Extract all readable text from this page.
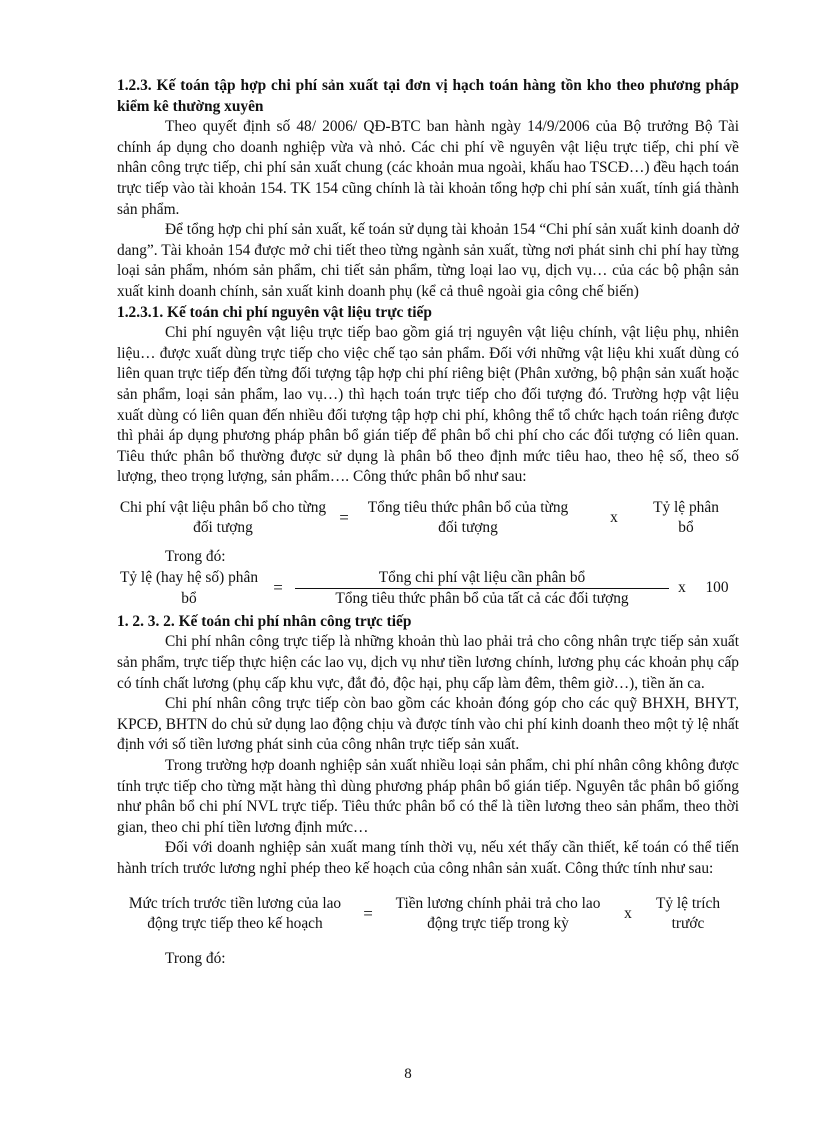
1.2.3. Kế toán tập hợp chi phí sản xuất tại đơn vị hạch toán hàng tồn kho theo phương pháp kiểm kê thường xuyên

Theo quyết định số 48/ 2006/ QĐ-BTC ban hành ngày 14/9/2006 của Bộ trưởng Bộ Tài chính áp dụng cho doanh nghiệp vừa và nhỏ. Các chi phí về nguyên vật liệu trực tiếp, chi phí về nhân công trực tiếp, chi phí sản xuất chung (các khoản mua ngoài, khấu hao TSCĐ…) đều hạch toán trực tiếp vào tài khoản 154. TK 154 cũng chính là tài khoản tổng hợp chi phí sản xuất, tính giá thành sản phẩm.

Để tổng hợp chi phí sản xuất, kế toán sử dụng tài khoản 154 “Chi phí sản xuất kinh doanh dở dang”. Tài khoản 154 được mở chi tiết theo từng ngành sản xuất, từng nơi phát sinh chi phí hay từng loại sản phẩm, nhóm sản phẩm, chi tiết sản phẩm, từng loại lao vụ, dịch vụ… của các bộ phận sản xuất kinh doanh chính, sản xuất kinh doanh phụ (kể cả thuê ngoài gia công chế biến)

1.2.3.1. Kế toán chi phí nguyên vật liệu trực tiếp

Chi phí nguyên vật liệu trực tiếp bao gồm giá trị nguyên vật liệu chính, vật liệu phụ, nhiên liệu… được xuất dùng trực tiếp cho việc chế tạo sản phẩm. Đối với những vật liệu khi xuất dùng có liên quan trực tiếp đến từng đối tượng tập hợp chi phí riêng biệt (Phân xưởng, bộ phận sản xuất hoặc sản phẩm, loại sản phẩm, lao vụ…) thì hạch toán trực tiếp cho đối tượng đó. Trường hợp vật liệu xuất dùng có liên quan đến nhiều đối tượng tập hợp chi phí, không thể tổ chức hạch toán riêng được thì phải áp dụng phương pháp phân bổ gián tiếp để phân bổ chi phí cho các đối tượng có liên quan. Tiêu thức phân bổ thường được sử dụng là phân bổ theo định mức tiêu hao, theo hệ số, theo số lượng, theo trọng lượng, sản phẩm…. Công thức phân bổ như sau:

Chi phí vật liệu phân bổ cho từng đối tượng
=
Tổng tiêu thức phân bổ của từng đối tượng
x
Tỷ lệ phân bổ

Trong đó:

Tỷ lệ (hay hệ số) phân bổ
=
Tổng chi phí vật liệu cần phân bổ
Tổng tiêu thức phân bổ của tất cả các đối tượng
x	100

1. 2. 3. 2. Kế toán chi phí nhân công trực tiếp

Chi phí nhân công trực tiếp là những khoản thù lao phải trả cho công nhân trực tiếp sản xuất sản phẩm, trực tiếp thực hiện các lao vụ, dịch vụ như tiền lương chính, lương phụ các khoản phụ cấp có tính chất lương (phụ cấp khu vực, đắt đỏ, độc hại, phụ cấp làm đêm, thêm giờ…), tiền ăn ca.

Chi phí nhân công trực tiếp còn bao gồm các khoản đóng góp cho các quỹ BHXH, BHYT, KPCĐ, BHTN do chủ sử dụng lao động chịu và được tính vào chi phí kinh doanh theo một tỷ lệ nhất định với số tiền lương phát sinh của công nhân trực tiếp sản xuất.

Trong trường hợp doanh nghiệp sản xuất nhiều loại sản phẩm, chi phí nhân công không được tính trực tiếp cho từng mặt hàng thì dùng phương pháp phân bổ gián tiếp. Nguyên tắc phân bổ giống như phân bổ chi phí NVL trực tiếp. Tiêu thức phân bổ có thể là tiền lương theo sản phẩm, theo thời gian, theo chi phí tiền lương định mức…

Đối với doanh nghiệp sản xuất mang tính thời vụ, nếu xét thấy cần thiết, kế toán có thể tiến hành trích trước lương nghỉ phép theo kế hoạch của công nhân sản xuất. Công thức tính như sau:

Mức trích trước tiền lương của lao động trực tiếp theo kế hoạch
=
Tiền lương chính phải trả cho lao động trực tiếp trong kỳ
x
Tỷ lệ trích trước

Trong đó:

8
